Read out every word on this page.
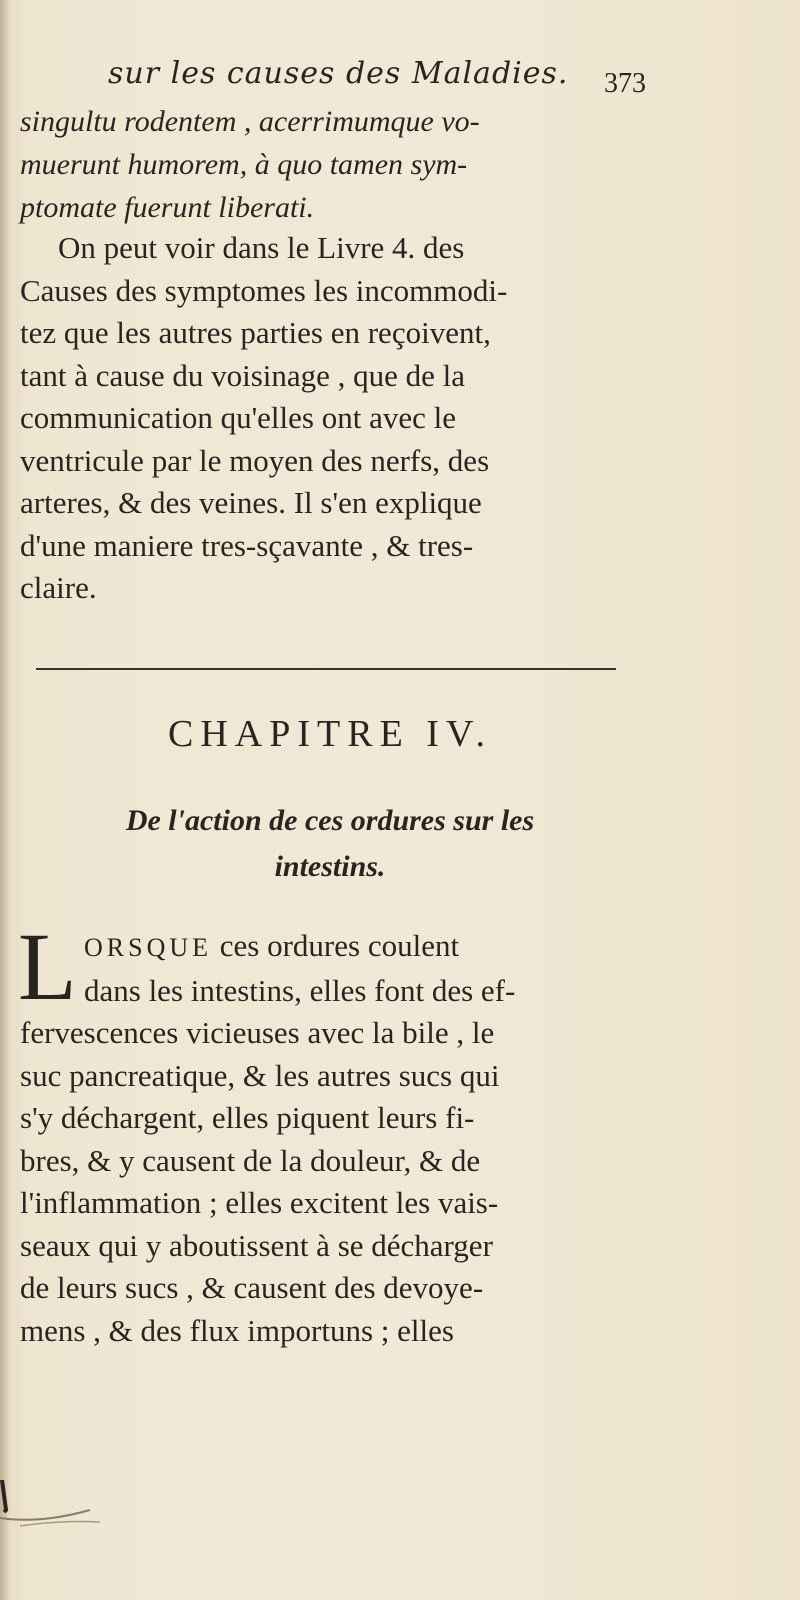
sur les causes des Maladies.	373
singultu rodentem , acerrimumque vo-
muerunt humorem, à quo tamen sym-
ptomate fuerunt liberati.
On peut voir dans le Livre 4. des
Causes des symptomes les incommodi-
tez que les autres parties en reçoivent,
tant à cause du voisinage , que de la
communication qu'elles ont avec le
ventricule par le moyen des nerfs, des
arteres, & des veines. Il s'en explique
d'une maniere tres-sçavante , & tres-
claire.
CHAPITRE IV.
De l'action de ces ordures sur les
intestins.
L ORSQUE ces ordures coulent
dans les intestins, elles font des ef-
fervescences vicieuses avec la bile , le
suc pancreatique, & les autres sucs qui
s'y déchargent, elles piquent leurs fi-
bres, & y causent de la douleur, & de
l'inflammation ; elles excitent les vais-
seaux qui y aboutissent à se décharger
de leurs sucs , & causent des devoye-
mens , & des flux importuns ; elles
